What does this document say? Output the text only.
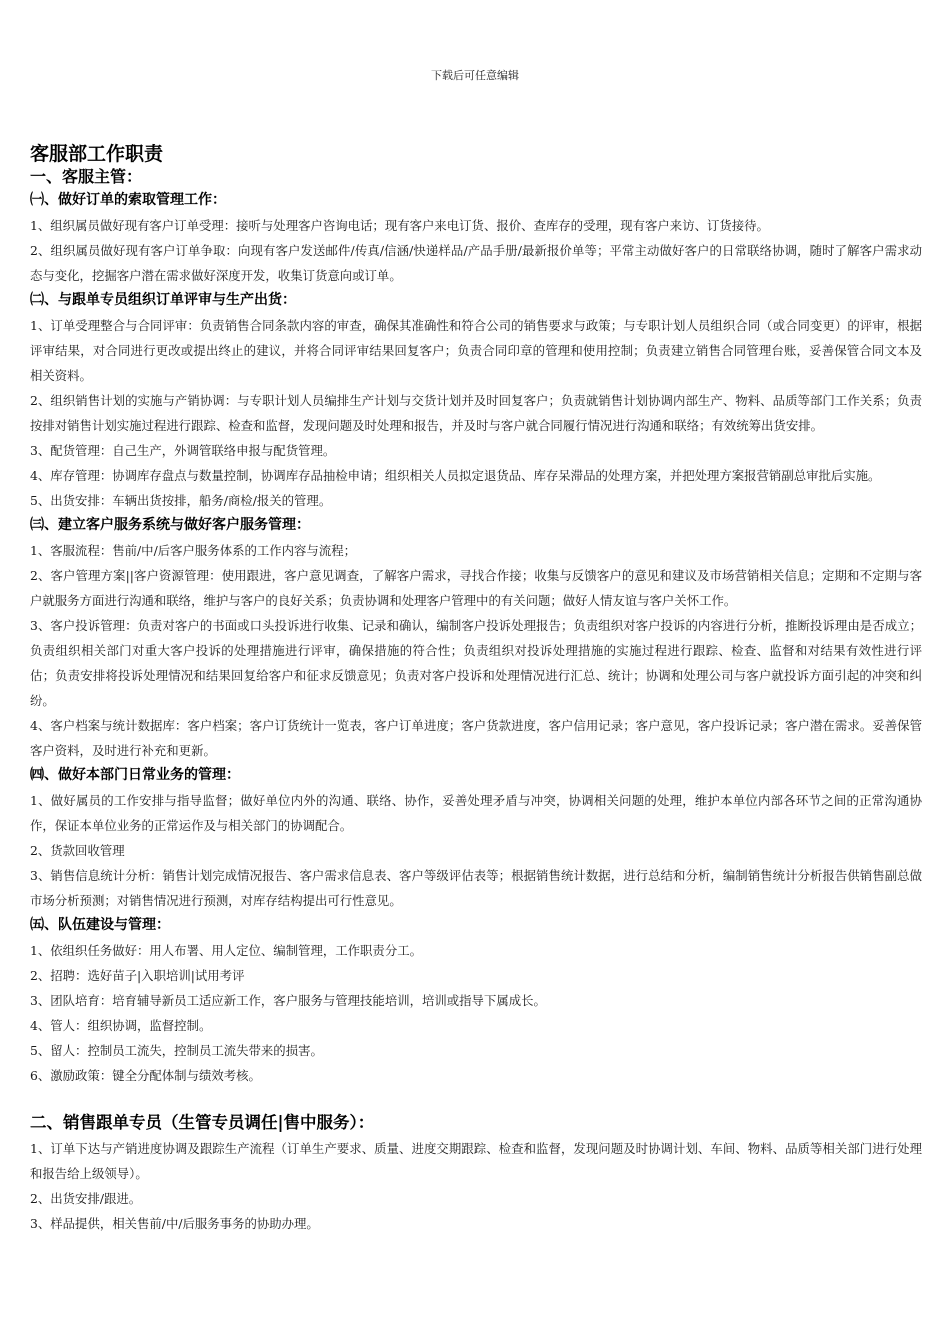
下载后可任意编辑
客服部工作职责
一、客服主管：
㈠、做好订单的索取管理工作：

1、组织属员做好现有客户订单受理：接听与处理客户咨询电话；现有客户来电订货、报价、查库存的受理，现有客户来访、订货接待。

2、组织属员做好现有客户订单争取：向现有客户发送邮件/传真/信涵/快递样品/产品手册/最新报价单等；平常主动做好客户的日常联络协调，随时了解客户需求动态与变化，挖掘客户潜在需求做好深度开发，收集订货意向或订单。

㈡、与跟单专员组织订单评审与生产出货：

1、订单受理整合与合同评审：负责销售合同条款内容的审查，确保其准确性和符合公司的销售要求与政策；与专职计划人员组织合同（或合同变更）的评审，根据评审结果，对合同进行更改或提出终止的建议，并将合同评审结果回复客户；负责合同印章的管理和使用控制；负责建立销售合同管理台账，妥善保管合同文本及相关资料。

2、组织销售计划的实施与产销协调：与专职计划人员编排生产计划与交货计划并及时回复客户；负责就销售计划协调内部生产、物料、品质等部门工作关系；负责按排对销售计划实施过程进行跟踪、检查和监督，发现问题及时处理和报告，并及时与客户就合同履行情况进行沟通和联络；有效统筹出货安排。

3、配货管理：自己生产，外调管联络申报与配货管理。

4、库存管理：协调库存盘点与数量控制，协调库存品抽检申请；组织相关人员拟定退货品、库存呆滞品的处理方案，并把处理方案报营销副总审批后实施。

5、出货安排：车辆出货按排，船务/商检/报关的管理。

㈢、建立客户服务系统与做好客户服务管理：

1、客服流程：售前/中/后客户服务体系的工作内容与流程；

2、客户管理方案||客户资源管理：使用跟进，客户意见调查，了解客户需求，寻找合作接；收集与反馈客户的意见和建议及市场营销相关信息；定期和不定期与客户就服务方面进行沟通和联络，维护与客户的良好关系；负责协调和处理客户管理中的有关问题；做好人情友谊与客户关怀工作。

3、客户投诉管理：负责对客户的书面或口头投诉进行收集、记录和确认，编制客户投诉处理报告；负责组织对客户投诉的内容进行分析，推断投诉理由是否成立；负责组织相关部门对重大客户投诉的处理措施进行评审，确保措施的符合性；负责组织对投诉处理措施的实施过程进行跟踪、检查、监督和对结果有效性进行评估；负责安排将投诉处理情况和结果回复给客户和征求反馈意见；负责对客户投诉和处理情况进行汇总、统计；协调和处理公司与客户就投诉方面引起的冲突和纠纷。

4、客户档案与统计数据库：客户档案；客户订货统计一览表，客户订单进度；客户货款进度，客户信用记录；客户意见，客户投诉记录；客户潜在需求。妥善保管客户资料，及时进行补充和更新。

㈣、做好本部门日常业务的管理：

1、做好属员的工作安排与指导监督；做好单位内外的沟通、联络、协作，妥善处理矛盾与冲突，协调相关问题的处理，维护本单位内部各环节之间的正常沟通协作，保证本单位业务的正常运作及与相关部门的协调配合。

2、货款回收管理

3、销售信息统计分析：销售计划完成情况报告、客户需求信息表、客户等级评估表等；根据销售统计数据，进行总结和分析，编制销售统计分析报告供销售副总做市场分析预测；对销售情况进行预测，对库存结构提出可行性意见。

㈤、队伍建设与管理：

1、依组织任务做好：用人布署、用人定位、编制管理，工作职责分工。

2、招聘：选好苗子|入职培训|试用考评

3、团队培育：培育辅导新员工适应新工作，客户服务与管理技能培训，培训或指导下属成长。

4、管人：组织协调，监督控制。

5、留人：控制员工流失，控制员工流失带来的损害。

6、激励政策：键全分配体制与绩效考核。

二、销售跟单专员（生管专员调任|售中服务）：

1、订单下达与产销进度协调及跟踪生产流程（订单生产要求、质量、进度交期跟踪、检查和监督，发现问题及时协调计划、车间、物料、品质等相关部门进行处理和报告给上级领导）。

2、出货安排/跟进。

3、样品提供，相关售前/中/后服务事务的协助办理。
